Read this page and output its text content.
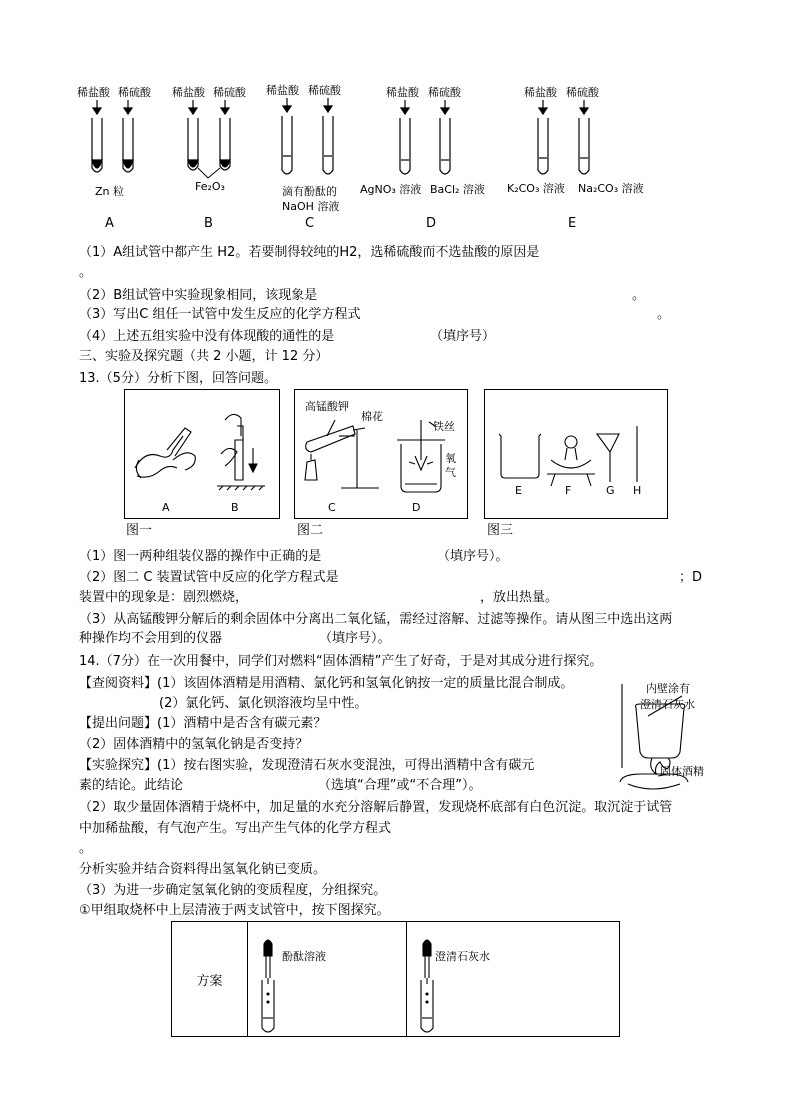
稀盐酸 稀硫酸 稀盐酸 稀硫酸 稀盐酸 稀硫酸	稀盐酸 稀硫酸	稀盐酸 稀硫酸
Zn 粒	Fe₂O₃	滴有酚酞的
NaOH 溶液
AgNO₃ 溶液 BaCl₂ 溶液 K₂CO₃ 溶液 Na₂CO₃ 溶液
A	B	C	D	E
（1）A组试管中都产生 H2。若要制得较纯的H2，选稀硫酸而不选盐酸的原因是
。
（2）B组试管中实验现象相同，该现象是	。
（3）写出C 组任一试管中发生反应的化学方程式	。
（4）上述五组实验中没有体现酸的通性的是	（填序号）
三、实验及探究题（共 2 小题，计 12 分）
13.（5分）分析下图，回答问题。
A	B
图一
高锰酸钾
棉花
铁丝
氧
气
C	D
图二
E	F	G H
图三
（1）图一两种组装仪器的操作中正确的是	（填序号）。
（2）图二 C 装置试管中反应的化学方程式是	；D
装置中的现象是：剧烈燃烧，	，放出热量。
（3）从高锰酸钾分解后的剩余固体中分离出二氧化锰，需经过溶解、过滤等操作。请从图三中选出这两
种操作均不会用到的仪器	（填序号）。
14.（7分）在一次用餐中，同学们对燃料“固体酒精”产生了好奇，于是对其成分进行探究。
【查阅资料】(1）该固体酒精是用酒精、氯化钙和氢氧化钠按一定的质量比混合制成。
(2）氯化钙、氯化钡溶液均呈中性。
【提出问题】(1）酒精中是否含有碳元素？
（2）固体酒精中的氢氧化钠是否变持？
【实验探究】(1）按右图实验，发现澄清石灰水变混浊，可得出酒精中含有碳元
素的结论。此结论	（选填“合理”或“不合理”）。
内壁涂有
澄清石灰水
固体酒精
（2）取少量固体酒精于烧杯中，加足量的水充分溶解后静置，发现烧杯底部有白色沉淀。取沉淀于试管
中加稀盐酸，有气泡产生。写出产生气体的化学方程式
。
分析实验并结合资料得出氢氧化钠已变质。
（3）为进一步确定氢氧化钠的变质程度，分组探究。
①甲组取烧杯中上层清液于两支试管中，按下图探究。
方案	
酚酞溶液	澄清石灰水
